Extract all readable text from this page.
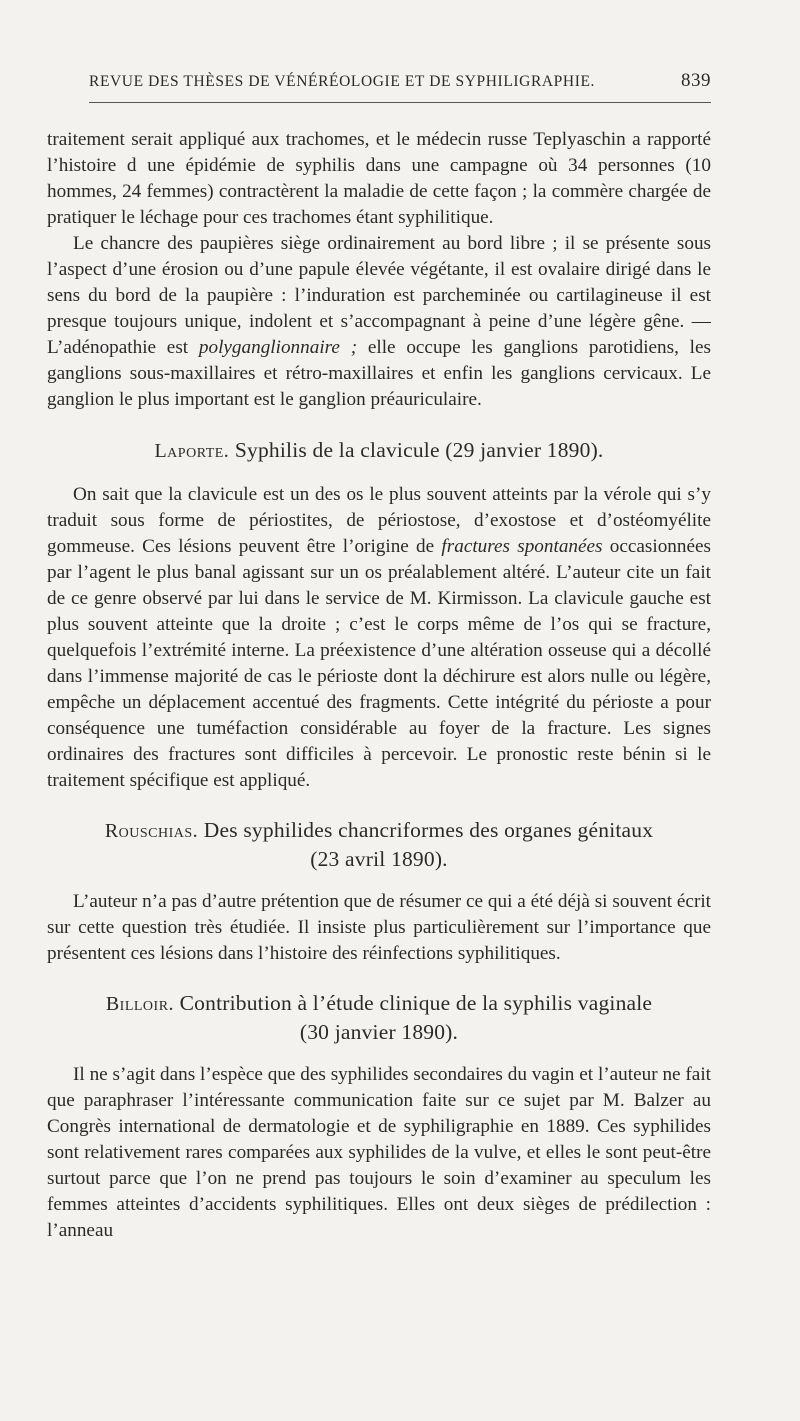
REVUE DES THÈSES DE VÉNÉRÉOLOGIE ET DE SYPHILIGRAPHIE.	839

traitement serait appliqué aux trachomes, et le médecin russe Teplyaschin a rapporté l’histoire d une épidémie de syphilis dans une campagne où 34 personnes (10 hommes, 24 femmes) contractèrent la maladie de cette façon ; la commère chargée de pratiquer le léchage pour ces trachomes étant syphilitique.

Le chancre des paupières siège ordinairement au bord libre ; il se présente sous l’aspect d’une érosion ou d’une papule élevée végétante, il est ovalaire dirigé dans le sens du bord de la paupière : l’induration est parcheminée ou cartilagineuse il est presque toujours unique, indolent et s’accompagnant à peine d’une légère gêne. — L’adénopathie est polyganglionnaire ; elle occupe les ganglions parotidiens, les ganglions sous-maxillaires et rétro-maxillaires et enfin les ganglions cervicaux. Le ganglion le plus important est le ganglion préauriculaire.

Laporte. Syphilis de la clavicule (29 janvier 1890).

On sait que la clavicule est un des os le plus souvent atteints par la vérole qui s’y traduit sous forme de périostites, de périostose, d’exostose et d’ostéomyélite gommeuse. Ces lésions peuvent être l’origine de fractures spontanées occasionnées par l’agent le plus banal agissant sur un os préalablement altéré. L’auteur cite un fait de ce genre observé par lui dans le service de M. Kirmisson. La clavicule gauche est plus souvent atteinte que la droite ; c’est le corps même de l’os qui se fracture, quelquefois l’extrémité interne. La préexistence d’une altération osseuse qui a décollé dans l’immense majorité de cas le périoste dont la déchirure est alors nulle ou légère, empêche un déplacement accentué des fragments. Cette intégrité du périoste a pour conséquence une tuméfaction considérable au foyer de la fracture. Les signes ordinaires des fractures sont difficiles à percevoir. Le pronostic reste bénin si le traitement spécifique est appliqué.

Rouschias. Des syphilides chancriformes des organes génitaux
(23 avril 1890).

L’auteur n’a pas d’autre prétention que de résumer ce qui a été déjà si souvent écrit sur cette question très étudiée. Il insiste plus particulièrement sur l’importance que présentent ces lésions dans l’histoire des réinfections syphilitiques.

Billoir. Contribution à l’étude clinique de la syphilis vaginale
(30 janvier 1890).

Il ne s’agit dans l’espèce que des syphilides secondaires du vagin et l’auteur ne fait que paraphraser l’intéressante communication faite sur ce sujet par M. Balzer au Congrès international de dermatologie et de syphiligraphie en 1889. Ces syphilides sont relativement rares comparées aux syphilides de la vulve, et elles le sont peut-être surtout parce que l’on ne prend pas toujours le soin d’examiner au speculum les femmes atteintes d’accidents syphilitiques. Elles ont deux sièges de prédilection : l’anneau
